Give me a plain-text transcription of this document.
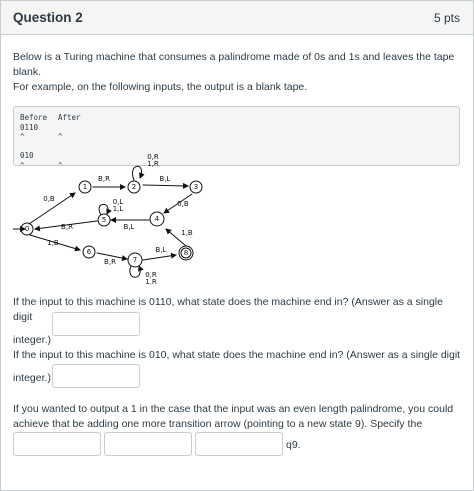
Question 2	5 pts

Below is a Turing machine that consumes a palindrome made of 0s and 1s and leaves the tape blank.
For example, on the following inputs, the output is a blank tape.

Before	After
0110
^	^
010
^	^
0
1	2	3
4
5
6
7
8
0,B
1,B
B,R	B,L
0,B
B,L
B,R
B,R
B,L
1,B
0,R 1,R
0,L 1,L
0,R 1,R
If the input to this machine is 0110, what state does the machine end in? (Answer as a single digit
integer.)
If the input to this machine is 010, what state does the machine end in? (Answer as a single digit
integer.)
If you wanted to output a 1 in the case that the input was an even length palindrome, you could
achieve that be adding one more transition arrow (pointing to a new state 9). Specify the
q9.
